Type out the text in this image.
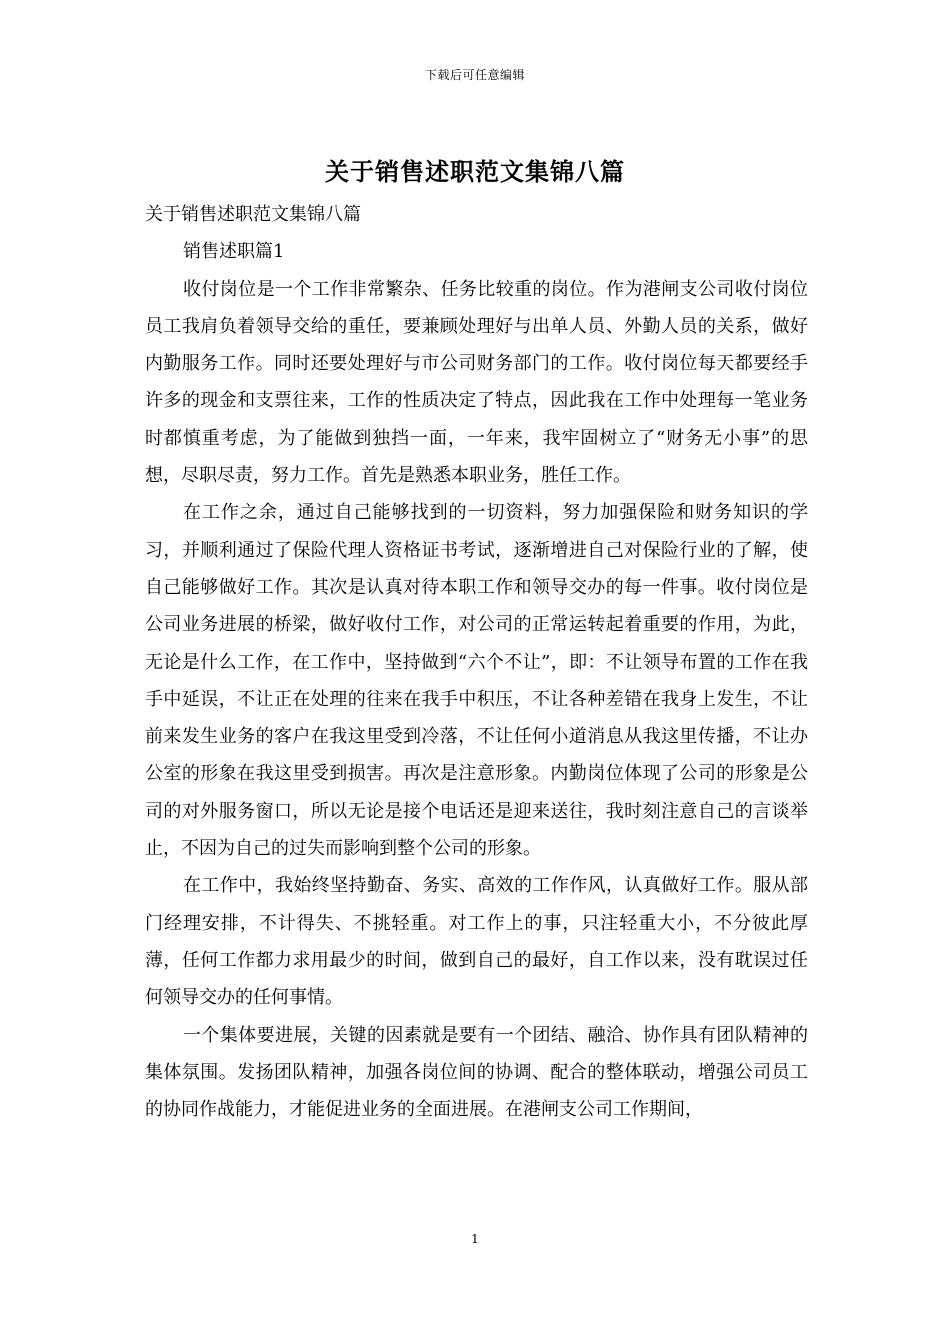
下载后可任意编辑
关于销售述职范文集锦八篇

关于销售述职范文集锦八篇

销售述职篇1

收付岗位是一个工作非常繁杂、任务比较重的岗位。作为港闸支公司收付岗位员工我肩负着领导交给的重任，要兼顾处理好与出单人员、外勤人员的关系，做好内勤服务工作。同时还要处理好与市公司财务部门的工作。收付岗位每天都要经手许多的现金和支票往来，工作的性质决定了特点，因此我在工作中处理每一笔业务时都慎重考虑，为了能做到独挡一面，一年来，我牢固树立了“财务无小事”的思想，尽职尽责，努力工作。首先是熟悉本职业务，胜任工作。

在工作之余，通过自己能够找到的一切资料，努力加强保险和财务知识的学习，并顺利通过了保险代理人资格证书考试，逐渐增进自己对保险行业的了解，使自己能够做好工作。其次是认真对待本职工作和领导交办的每一件事。收付岗位是公司业务进展的桥梁，做好收付工作，对公司的正常运转起着重要的作用，为此，无论是什么工作，在工作中，坚持做到“六个不让”，即：不让领导布置的工作在我手中延误，不让正在处理的往来在我手中积压，不让各种差错在我身上发生，不让前来发生业务的客户在我这里受到冷落，不让任何小道消息从我这里传播，不让办公室的形象在我这里受到损害。再次是注意形象。内勤岗位体现了公司的形象是公司的对外服务窗口，所以无论是接个电话还是迎来送往，我时刻注意自己的言谈举止，不因为自己的过失而影响到整个公司的形象。

在工作中，我始终坚持勤奋、务实、高效的工作作风，认真做好工作。服从部门经理安排，不计得失、不挑轻重。对工作上的事，只注轻重大小，不分彼此厚薄，任何工作都力求用最少的时间，做到自己的最好，自工作以来，没有耽误过任何领导交办的任何事情。

一个集体要进展，关键的因素就是要有一个团结、融洽、协作具有团队精神的集体氛围。发扬团队精神，加强各岗位间的协调、配合的整体联动，增强公司员工的协同作战能力，才能促进业务的全面进展。在港闸支公司工作期间，

1
